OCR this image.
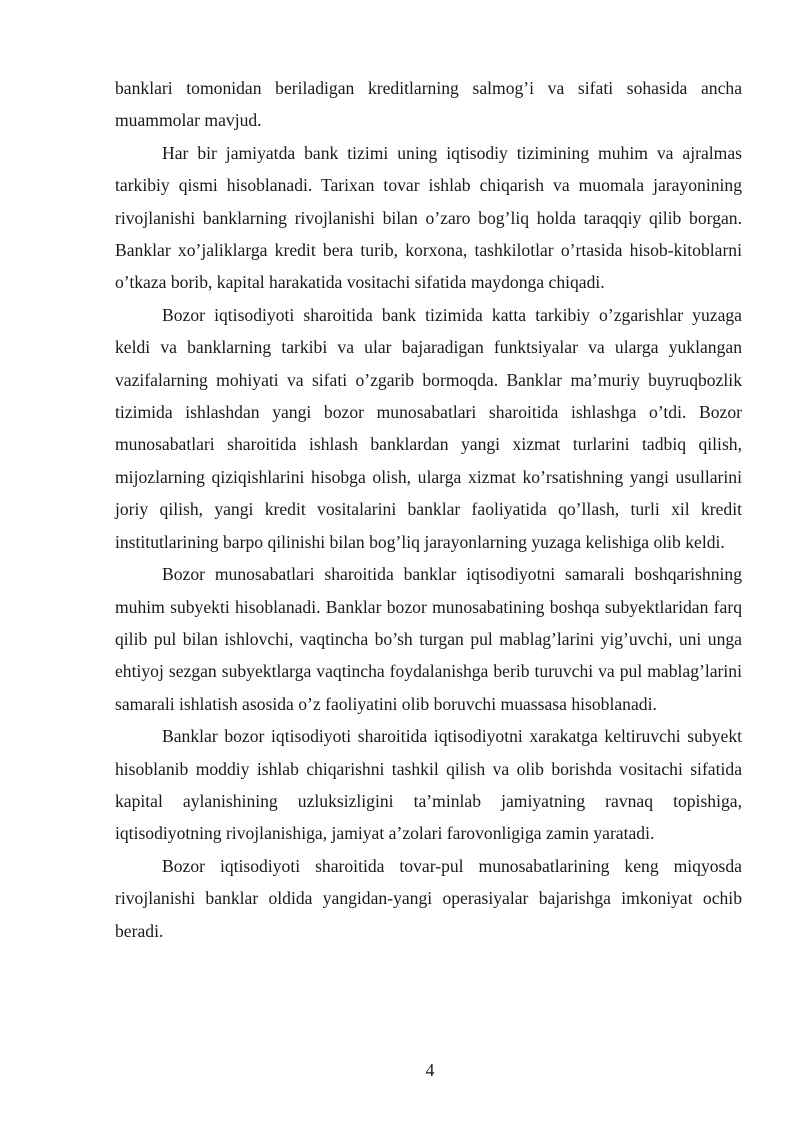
banklari tomonidan beriladigan kreditlarning salmog’i va sifati sohasida ancha muammolar mavjud.

Har bir jamiyatda bank tizimi uning iqtisodiy tizimining muhim va ajralmas tarkibiy qismi hisoblanadi. Tarixan tovar ishlab chiqarish va muomala jarayonining rivojlanishi banklarning rivojlanishi bilan o’zaro bog’liq holda taraqqiy qilib borgan. Banklar xo’jaliklarga kredit bera turib, korxona, tashkilotlar o’rtasida hisob-kitoblarni o’tkaza borib, kapital harakatida vositachi sifatida maydonga chiqadi.

Bozor iqtisodiyoti sharoitida bank tizimida katta tarkibiy o’zgarishlar yuzaga keldi va banklarning tarkibi va ular bajaradigan funktsiyalar va ularga yuklangan vazifalarning mohiyati va sifati o’zgarib bormoqda. Banklar ma’muriy buyruqbozlik tizimida ishlashdan yangi bozor munosabatlari sharoitida ishlashga o’tdi. Bozor munosabatlari sharoitida ishlash banklardan yangi xizmat turlarini tadbiq qilish, mijozlarning qiziqishlarini hisobga olish, ularga xizmat ko’rsatishning yangi usullarini joriy qilish, yangi kredit vositalarini banklar faoliyatida qo’llash, turli xil kredit institutlarining barpo qilinishi bilan bog’liq jarayonlarning yuzaga kelishiga olib keldi.

Bozor munosabatlari sharoitida banklar iqtisodiyotni samarali boshqarishning muhim subyekti hisoblanadi. Banklar bozor munosabatining boshqa subyektlaridan farq qilib pul bilan ishlovchi, vaqtincha bo’sh turgan pul mablag’larini yig’uvchi, uni unga ehtiyoj sezgan subyektlarga vaqtincha foydalanishga berib turuvchi va pul mablag’larini samarali ishlatish asosida o’z faoliyatini olib boruvchi muassasa hisoblanadi.

Banklar bozor iqtisodiyoti sharoitida iqtisodiyotni xarakatga keltiruvchi subyekt hisoblanib moddiy ishlab chiqarishni tashkil qilish va olib borishda vositachi sifatida kapital aylanishining uzluksizligini ta’minlab jamiyatning ravnaq topishiga, iqtisodiyotning rivojlanishiga, jamiyat a’zolari farovonligiga zamin yaratadi.

Bozor iqtisodiyoti sharoitida tovar-pul munosabatlarining keng miqyosda rivojlanishi banklar oldida yangidan-yangi operasiyalar bajarishga imkoniyat ochib beradi.

4
